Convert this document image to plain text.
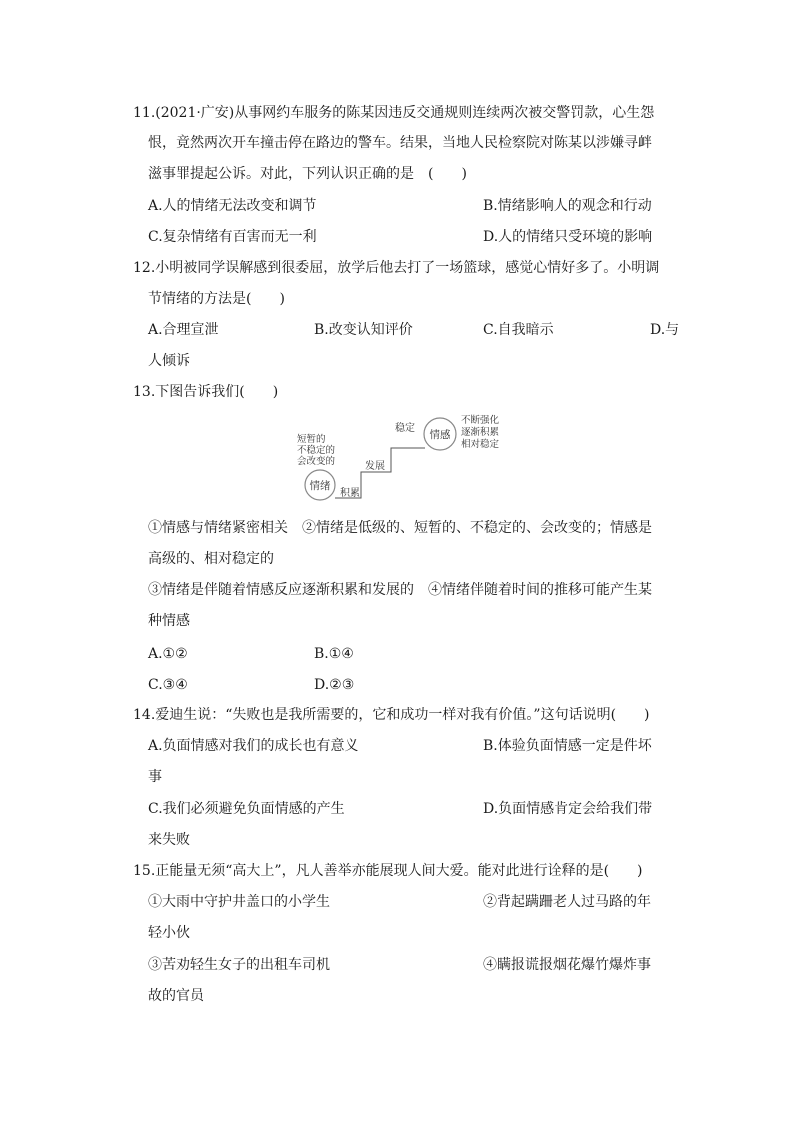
11.(2021·广安)从事网约车服务的陈某因违反交通规则连续两次被交警罚款，心生怨
恨，竟然两次开车撞击停在路边的警车。结果，当地人民检察院对陈某以涉嫌寻衅
滋事罪提起公诉。对此，下列认识正确的是　(　　)
A.人的情绪无法改变和调节	B.情绪影响人的观念和行动
C.复杂情绪有百害而无一利	D.人的情绪只受环境的影响
12.小明被同学误解感到很委屈，放学后他去打了一场篮球，感觉心情好多了。小明调
节情绪的方法是(　　)
A.合理宣泄	B.改变认知评价	C.自我暗示	D.与
人倾诉
13.下图告诉我们(　　)
情绪
情感
积累
发展
稳定
短暂的
不稳定的
会改变的
不断强化
逐渐积累
相对稳定
①情感与情绪紧密相关　②情绪是低级的、短暂的、不稳定的、会改变的；情感是
高级的、相对稳定的
③情绪是伴随着情感反应逐渐积累和发展的　④情绪伴随着时间的推移可能产生某
种情感
A.①②	B.①④
C.③④	D.②③
14.爱迪生说：“失败也是我所需要的，它和成功一样对我有价值。”这句话说明(　　)
A.负面情感对我们的成长也有意义	B.体验负面情感一定是件坏
事
C.我们必须避免负面情感的产生	D.负面情感肯定会给我们带
来失败
15.正能量无须“高大上”，凡人善举亦能展现人间大爱。能对此进行诠释的是(　　)
①大雨中守护井盖口的小学生	②背起蹒跚老人过马路的年
轻小伙
③苦劝轻生女子的出租车司机	④瞒报谎报烟花爆竹爆炸事
故的官员
